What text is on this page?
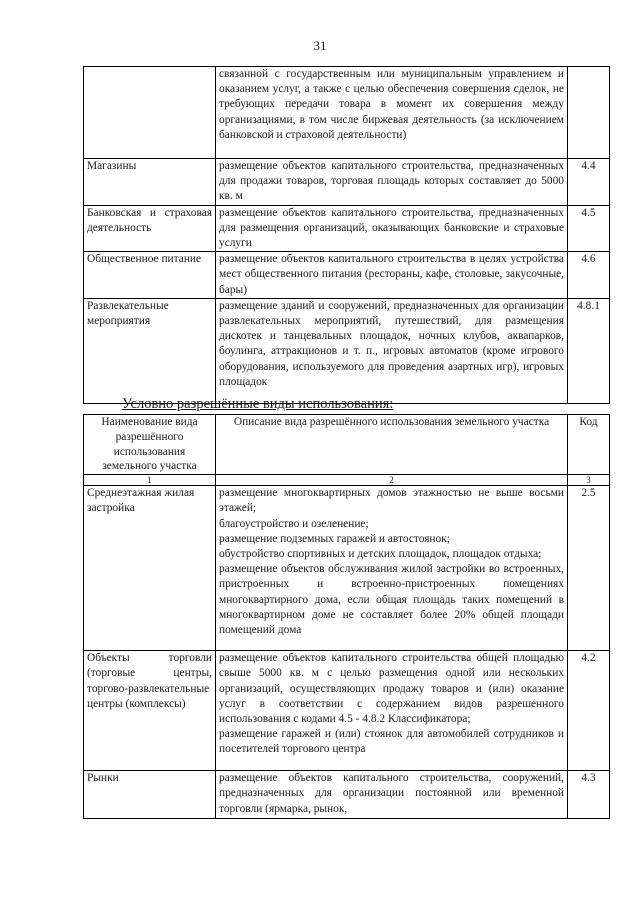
31
	связанной с государственным или муниципальным управлением и оказанием услуг, а также с целью обеспечения совершения сделок, не требующих передачи товара в момент их совершения между организациями, в том числе биржевая деятельность (за исключением банковской и страховой деятельности)	
Магазины	размещение объектов капитального строительства, предназначенных для продажи товаров, торговая площадь которых составляет до 5000 кв. м	4.4
Банковская и страховая деятельность	размещение объектов капитального строительства, предназначенных для размещения организаций, оказывающих банковские и страховые услуги	4.5
Общественное питание	размещение объектов капитального строительства в целях устройства мест общественного питания (рестораны, кафе, столовые, закусочные, бары)	4.6
Развлекательные мероприятия	размещение зданий и сооружений, предназначенных для организации развлекательных мероприятий, путешествий, для размещения дискотек и танцевальных площадок, ночных клубов, аквапарков, боулинга, аттракционов и т. п., игровых автоматов (кроме игрового оборудования, используемого для проведения азартных игр), игровых площадок	4.8.1
Условно разрешённые виды использования:
Наименование вида разрешённого использования земельного участка	Описание вида разрешённого использования земельного участка	Код
1	2	3
Среднеэтажная жилая застройка	размещение многоквартирных домов этажностью не выше восьми этажей;
благоустройство и озеленение;
размещение подземных гаражей и автостоянок;
обустройство спортивных и детских площадок, площадок отдыха;
размещение объектов обслуживания жилой застройки во встроенных, пристроенных и встроенно-пристроенных помещениях многоквартирного дома, если общая площадь таких помещений в многоквартирном доме не составляет более 20% общей площади помещений дома	2.5
Объекты торговли (торговые центры, торгово-развлекательные центры (комплексы)	размещение объектов капитального строительства общей площадью свыше 5000 кв. м с целью размещения одной или нескольких организаций, осуществляющих продажу товаров и (или) оказание услуг в соответствии с содержанием видов разрешенного использования с кодами 4.5 - 4.8.2 Классификатора;
размещение гаражей и (или) стоянок для автомобилей сотрудников и посетителей торгового центра	4.2
Рынки	размещение объектов капитального строительства, сооружений, предназначенных для организации постоянной или временной торговли (ярмарка, рынок,	4.3
